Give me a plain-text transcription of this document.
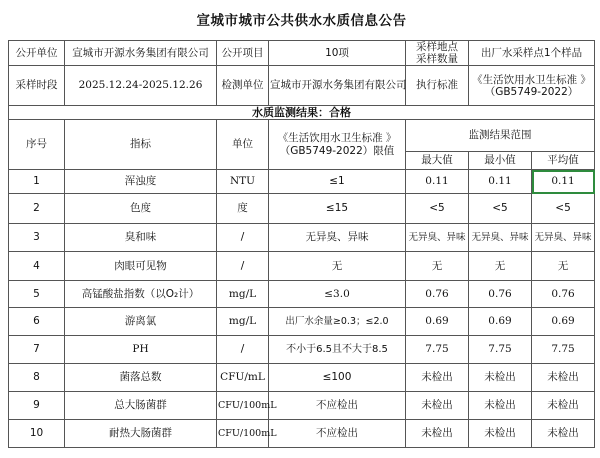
宣城市城市公共供水水质信息公告						
公开单位	宣城市开源水务集团有限公司	公开项目	10项	采样地点
采样数量	出厂水采样点1个样品	
采样时段	2025.12.24-2025.12.26	检测单位	宣城市开源水务集团有限公司	执行标准	《生活饮用水卫生标准 》
（GB5749-2022）	
水质监测结果：合格						
序号	指标	单位	《生活饮用水卫生标准 》
（GB5749-2022）限值	监测结果范围		
				最大值	最小值	平均值
1	浑浊度	NTU	≤1	0.11	0.11	0.11
2	色度	度	≤15	<5	<5	<5
3	臭和味	/	无异臭、异味	无异臭、异味	无异臭、异味	无异臭、异味
4	肉眼可见物	/	无	无	无	无
5	高锰酸盐指数（以O₂计）	mg/L	≤3.0	0.76	0.76	0.76
6	游离氯	mg/L	出厂水余量≥0.3；≤2.0	0.69	0.69	0.69
7	PH	/	不小于6.5且不大于8.5	7.75	7.75	7.75
8	菌落总数	CFU/mL	≤100	未检出	未检出	未检出
9	总大肠菌群	CFU/100mL	不应检出	未检出	未检出	未检出
10	耐热大肠菌群	CFU/100mL	不应检出	未检出	未检出	未检出
